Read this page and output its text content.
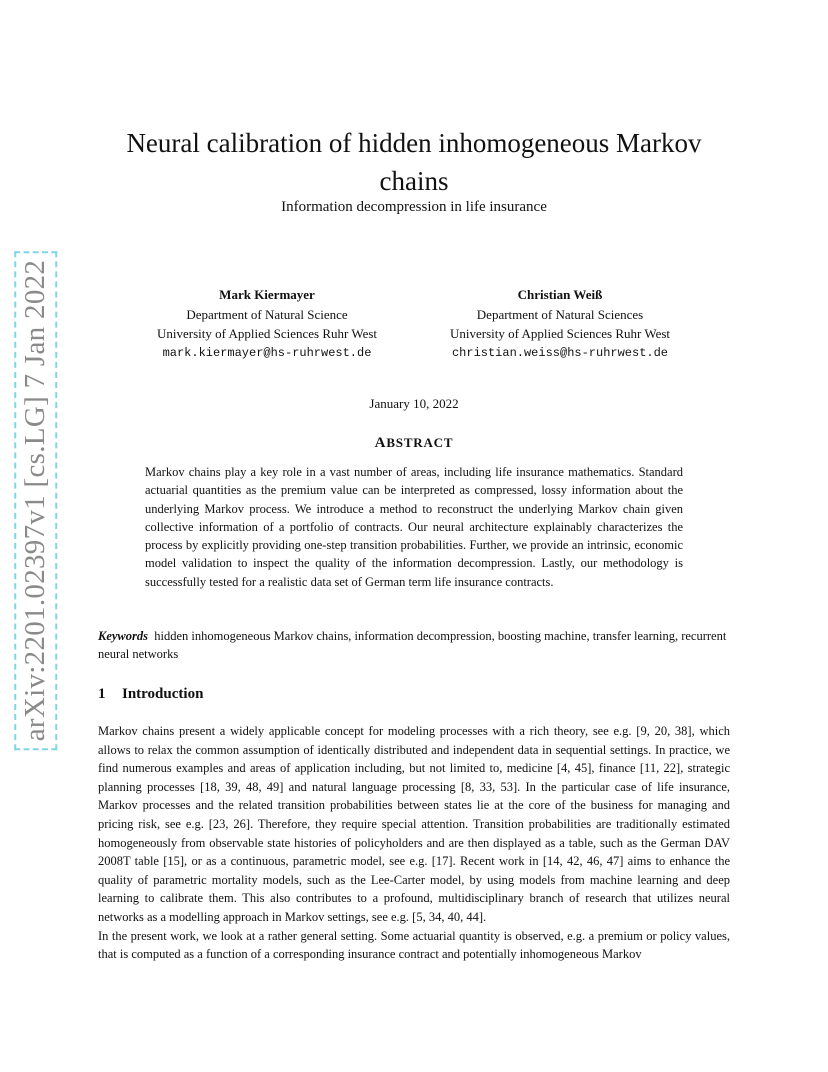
arXiv:2201.02397v1 [cs.LG] 7 Jan 2022
Neural calibration of hidden inhomogeneous Markov chains
Information decompression in life insurance
Mark Kiermayer
Department of Natural Science
University of Applied Sciences Ruhr West
mark.kiermayer@hs-ruhrwest.de
Christian Weiß
Department of Natural Sciences
University of Applied Sciences Ruhr West
christian.weiss@hs-ruhrwest.de
January 10, 2022
ABSTRACT

Markov chains play a key role in a vast number of areas, including life insurance mathematics. Standard actuarial quantities as the premium value can be interpreted as compressed, lossy information about the underlying Markov process. We introduce a method to reconstruct the underlying Markov chain given collective information of a portfolio of contracts. Our neural architecture explainably characterizes the process by explicitly providing one-step transition probabilities. Further, we provide an intrinsic, economic model validation to inspect the quality of the information decompression. Lastly, our methodology is successfully tested for a realistic data set of German term life insurance contracts.

Keywords hidden inhomogeneous Markov chains, information decompression, boosting machine, transfer learning, recurrent neural networks

1 Introduction

Markov chains present a widely applicable concept for modeling processes with a rich theory, see e.g. [9, 20, 38], which allows to relax the common assumption of identically distributed and independent data in sequential settings. In practice, we find numerous examples and areas of application including, but not limited to, medicine [4, 45], finance [11, 22], strategic planning processes [18, 39, 48, 49] and natural language processing [8, 33, 53]. In the particular case of life insurance, Markov processes and the related transition probabilities between states lie at the core of the business for managing and pricing risk, see e.g. [23, 26]. Therefore, they require special attention. Transition probabilities are traditionally estimated homogeneously from observable state histories of policyholders and are then displayed as a table, such as the German DAV 2008T table [15], or as a continuous, parametric model, see e.g. [17]. Recent work in [14, 42, 46, 47] aims to enhance the quality of parametric mortality models, such as the Lee-Carter model, by using models from machine learning and deep learning to calibrate them. This also contributes to a profound, multidisciplinary branch of research that utilizes neural networks as a modelling approach in Markov settings, see e.g. [5, 34, 40, 44].

In the present work, we look at a rather general setting. Some actuarial quantity is observed, e.g. a premium or policy values, that is computed as a function of a corresponding insurance contract and potentially inhomogeneous Markov
